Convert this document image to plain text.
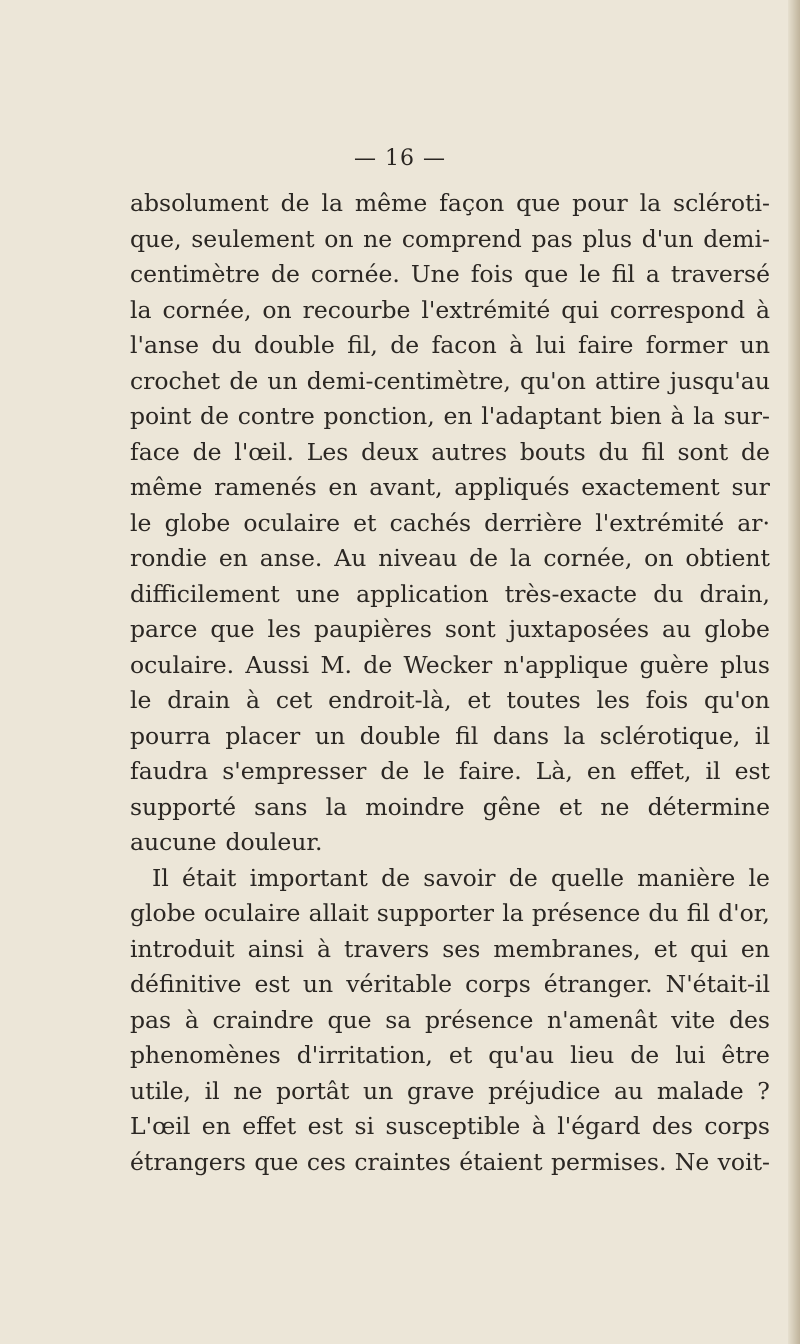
— 16 —
absolument de la même façon que pour la scléroti-
que, seulement on ne comprend pas plus d'un demi-
centimètre de cornée. Une fois que le fil a traversé
la cornée, on recourbe l'extrémité qui correspond à
l'anse du double fil, de facon à lui faire former un
crochet de un demi-centimètre, qu'on attire jusqu'au
point de contre ponction, en l'adaptant bien à la sur-
face de l'œil. Les deux autres bouts du fil sont de
même ramenés en avant, appliqués exactement sur
le globe oculaire et cachés derrière l'extrémité ar·
rondie en anse. Au niveau de la cornée, on obtient
difficilement une application très-exacte du drain,
parce que les paupières sont juxtaposées au globe
oculaire. Aussi M. de Wecker n'applique guère plus
le drain à cet endroit-là, et toutes les fois qu'on
pourra placer un double fil dans la sclérotique, il
faudra s'empresser de le faire. Là, en effet, il est
supporté sans la moindre gêne et ne détermine
aucune douleur.
Il était important de savoir de quelle manière le
globe oculaire allait supporter la présence du fil d'or,
introduit ainsi à travers ses membranes, et qui en
définitive est un véritable corps étranger. N'était-il
pas à craindre que sa présence n'amenât vite des
phenomènes d'irritation, et qu'au lieu de lui être
utile, il ne portât un grave préjudice au malade ?
L'œil en effet est si susceptible à l'égard des corps
étrangers que ces craintes étaient permises. Ne voit-
